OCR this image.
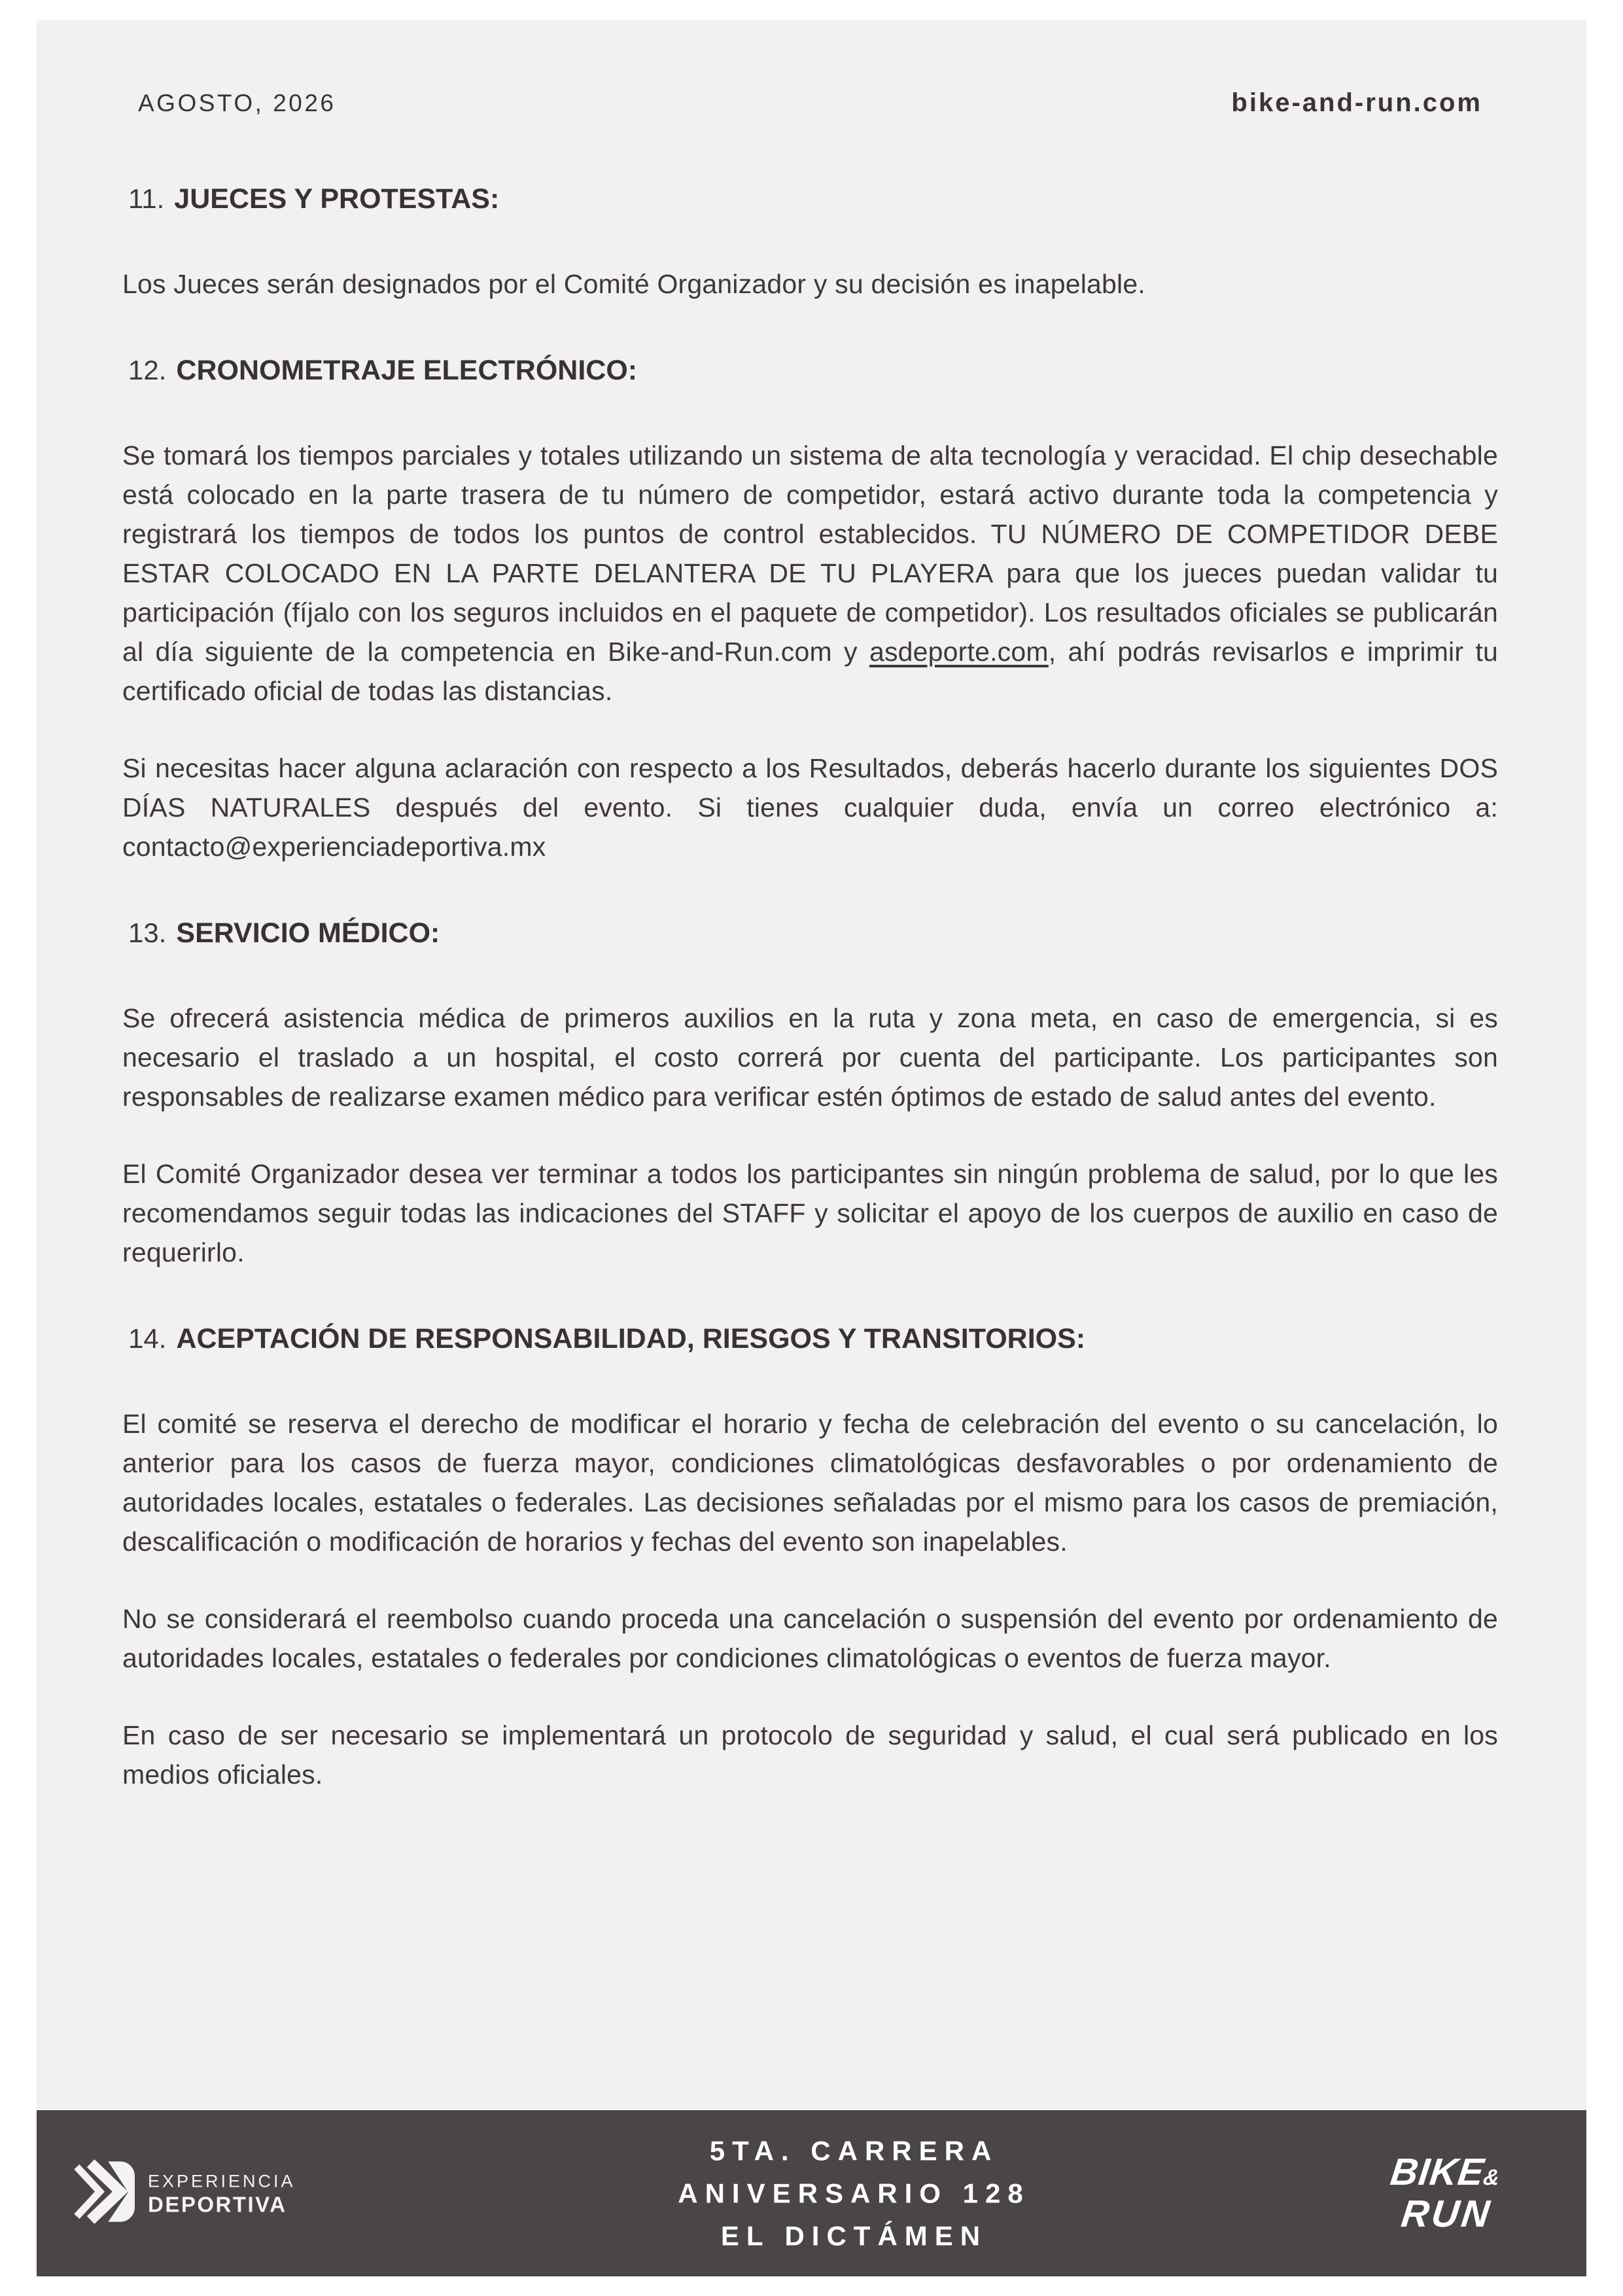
AGOSTO, 2026	bike-and-run.com
11. JUECES Y PROTESTAS:

Los Jueces serán designados por el Comité Organizador y su decisión es inapelable.

12. CRONOMETRAJE ELECTRÓNICO:

Se tomará los tiempos parciales y totales utilizando un sistema de alta tecnología y veracidad. El chip desechable está colocado en la parte trasera de tu número de competidor, estará activo durante toda la competencia y registrará los tiempos de todos los puntos de control establecidos. TU NÚMERO DE COMPETIDOR DEBE ESTAR COLOCADO EN LA PARTE DELANTERA DE TU PLAYERA para que los jueces puedan validar tu participación (fíjalo con los seguros incluidos en el paquete de competidor). Los resultados oficiales se publicarán al día siguiente de la competencia en Bike-and-Run.com y asdeporte.com, ahí podrás revisarlos e imprimir tu certificado oficial de todas las distancias.

Si necesitas hacer alguna aclaración con respecto a los Resultados, deberás hacerlo durante los siguientes DOS DÍAS NATURALES después del evento. Si tienes cualquier duda, envía un correo electrónico a: contacto@experienciadeportiva.mx

13. SERVICIO MÉDICO:

Se ofrecerá asistencia médica de primeros auxilios en la ruta y zona meta, en caso de emergencia, si es necesario el traslado a un hospital, el costo correrá por cuenta del participante. Los participantes son responsables de realizarse examen médico para verificar estén óptimos de estado de salud antes del evento.

El Comité Organizador desea ver terminar a todos los participantes sin ningún problema de salud, por lo que les recomendamos seguir todas las indicaciones del STAFF y solicitar el apoyo de los cuerpos de auxilio en caso de requerirlo.

14. ACEPTACIÓN DE RESPONSABILIDAD, RIESGOS Y TRANSITORIOS:

El comité se reserva el derecho de modificar el horario y fecha de celebración del evento o su cancelación, lo anterior para los casos de fuerza mayor, condiciones climatológicas desfavorables o por ordenamiento de autoridades locales, estatales o federales. Las decisiones señaladas por el mismo para los casos de premiación, descalificación o modificación de horarios y fechas del evento son inapelables.

No se considerará el reembolso cuando proceda una cancelación o suspensión del evento por ordenamiento de autoridades locales, estatales o federales por condiciones climatológicas o eventos de fuerza mayor.

En caso de ser necesario se implementará un protocolo de seguridad y salud, el cual será publicado en los medios oficiales.

EXPERIENCIA
DEPORTIVA
5TA. CARRERA
ANIVERSARIO 128
EL DICTÁMEN
BIKE&
RUN
